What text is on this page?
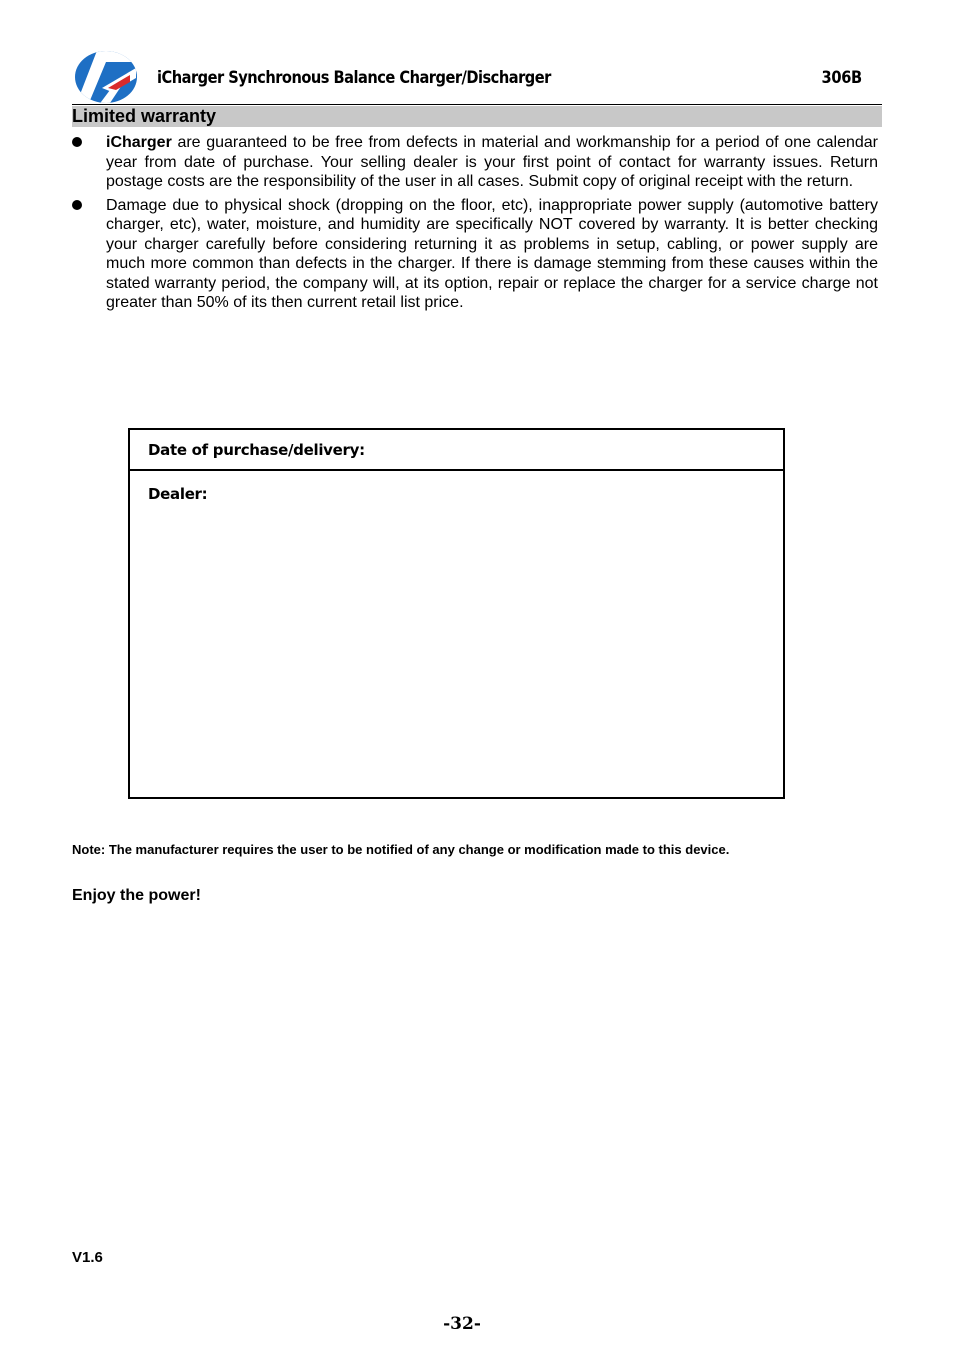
iCharger Synchronous Balance Charger/Discharger	306B
Limited warranty
iCharger are guaranteed to be free from defects in material and workmanship for a period of one calendar year from date of purchase. Your selling dealer is your first point of contact for warranty issues. Return postage costs are the responsibility of the user in all cases. Submit copy of original receipt with the return.
Damage due to physical shock (dropping on the floor, etc), inappropriate power supply (automotive battery charger, etc), water, moisture, and humidity are specifically NOT covered by warranty. It is better checking your charger carefully before considering returning it as problems in setup, cabling, or power supply are much more common than defects in the charger. If there is damage stemming from these causes within the stated warranty period, the company will, at its option, repair or replace the charger for a service charge not greater than 50% of its then current retail list price.
Date of purchase/delivery:
Dealer:
Note: The manufacturer requires the user to be notified of any change or modification made to this device.
Enjoy the power!
V1.6
-32-
